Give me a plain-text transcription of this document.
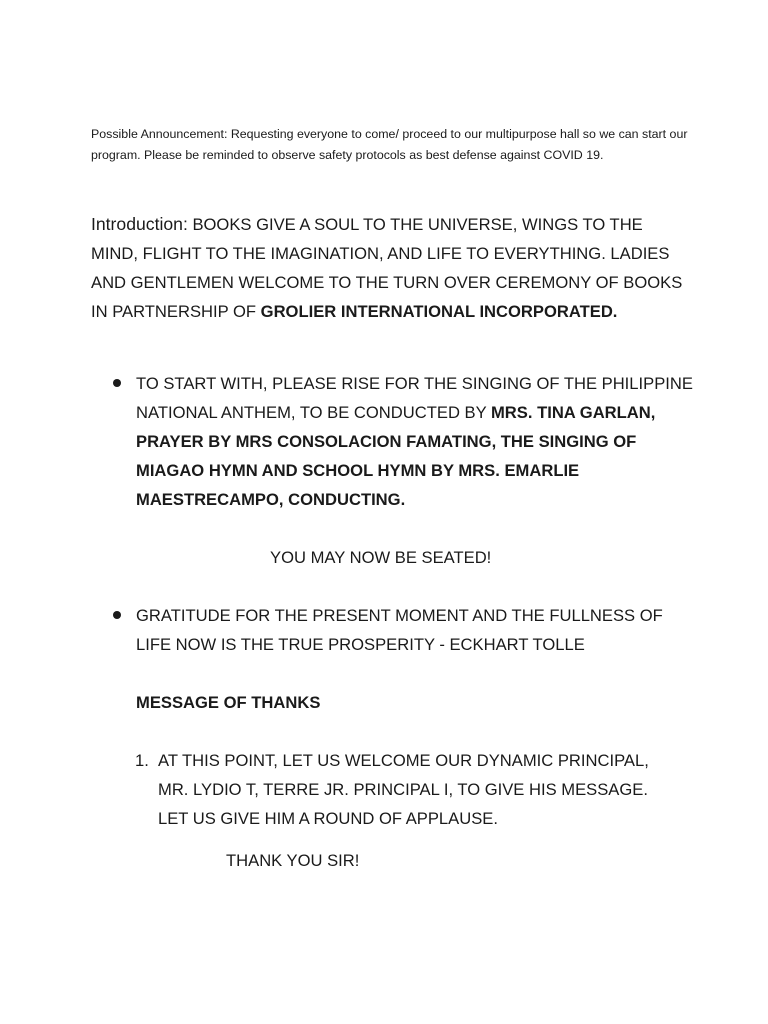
Possible Announcement: Requesting everyone to come/ proceed to our multipurpose hall so we can start our program. Please be reminded to observe safety protocols as best defense against COVID 19.

Introduction: BOOKS GIVE A SOUL TO THE UNIVERSE, WINGS TO THE MIND, FLIGHT TO THE IMAGINATION, AND LIFE TO EVERYTHING. LADIES AND GENTLEMEN WELCOME TO THE TURN OVER CEREMONY OF BOOKS IN PARTNERSHIP OF GROLIER INTERNATIONAL INCORPORATED.

TO START WITH, PLEASE RISE FOR THE SINGING OF THE PHILIPPINE NATIONAL ANTHEM, TO BE CONDUCTED BY MRS. TINA GARLAN, PRAYER BY MRS CONSOLACION FAMATING, THE SINGING OF MIAGAO HYMN AND SCHOOL HYMN BY MRS. EMARLIE MAESTRECAMPO, CONDUCTING.

YOU MAY NOW BE SEATED!

GRATITUDE FOR THE PRESENT MOMENT AND THE FULLNESS OF LIFE NOW IS THE TRUE PROSPERITY - ECKHART TOLLE

MESSAGE OF THANKS

1. AT THIS POINT, LET US WELCOME OUR DYNAMIC PRINCIPAL, MR. LYDIO T, TERRE JR. PRINCIPAL I, TO GIVE HIS MESSAGE. LET US GIVE HIM A ROUND OF APPLAUSE.

THANK YOU SIR!
